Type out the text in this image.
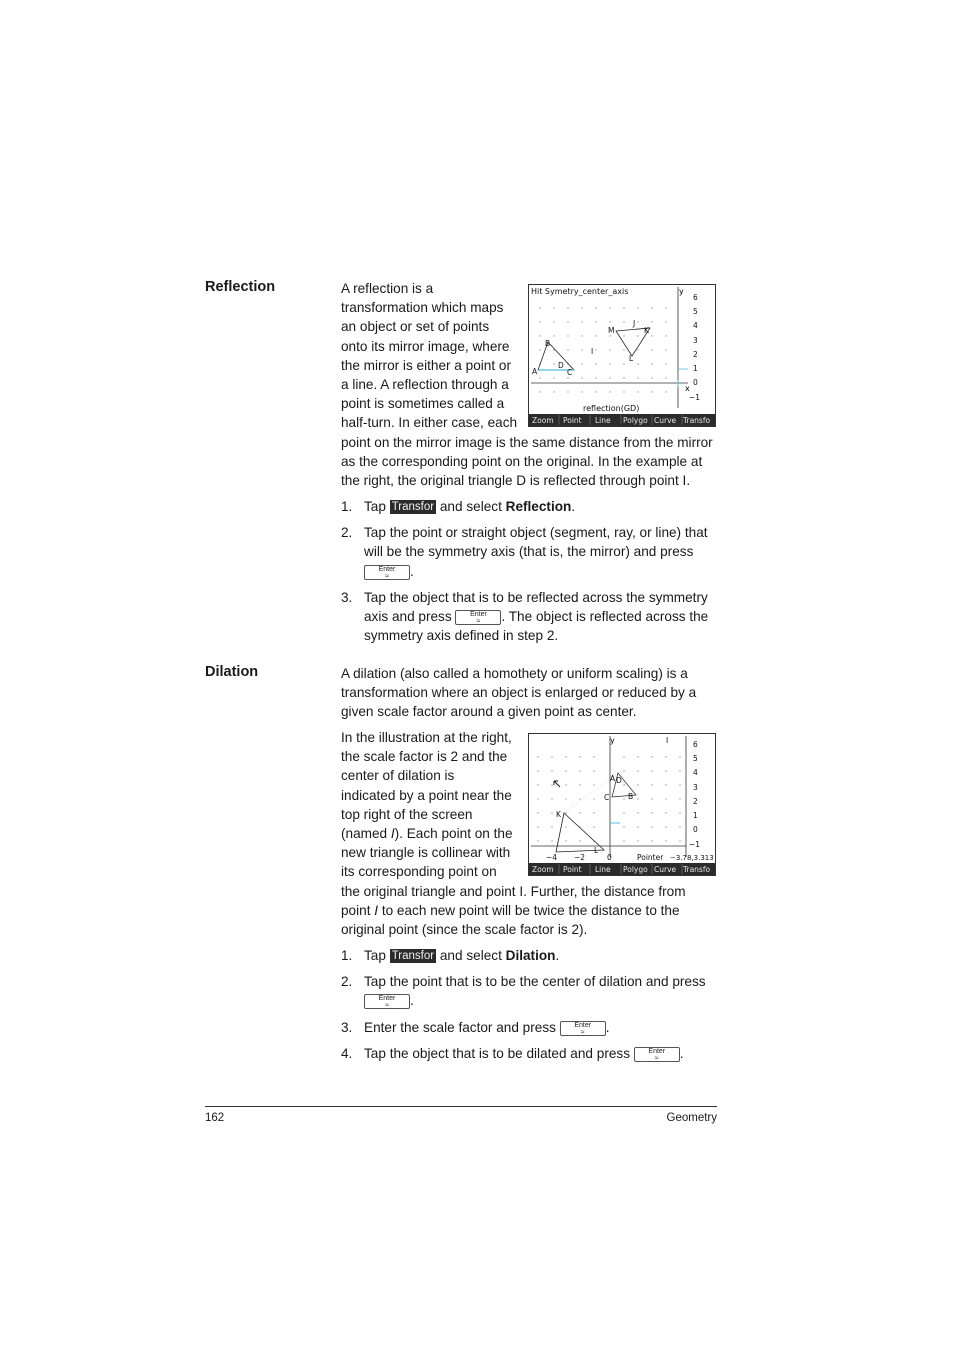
Reflection	A reflection is a
transformation which maps
an object or set of points
onto its mirror image, where
the mirror is either a point or
a line. A reflection through a
point is sometimes called a
half-turn. In either case, each
point on the mirror image is the same distance from the mirror as the corresponding point on the original. In the example at the right, the original triangle D is reflected through point I.
Hit Symetry_center_axis	y
x
6
5
4
3
2
1
0
−1
B
A
D
C
M
J
K
L
I
reflection(GD)
Zoom Point Line Polygo Curve Transfo
1. Tap Transfor and select Reflection.
2. Tap the point or straight object (segment, ray, or line) that will be the symmetry axis (that is, the mirror) and press
Enter
≈	.
3. Tap the object that is to be reflected across the symmetry axis and press	Enter
≈	. The object is reflected across the symmetry axis defined in step 2.
Dilation	A dilation (also called a homothety or uniform scaling) is a transformation where an object is enlarged or reduced by a given scale factor around a given point as center.
In the illustration at the right,
the scale factor is 2 and the
center of dilation is
indicated by a point near the
top right of the screen
(named I). Each point on the
new triangle is collinear with
its corresponding point on
the original triangle and point I. Further, the distance from point I to each new point will be twice the distance to the original point (since the scale factor is 2).
y	6
5
4
3
2
1
0
−1
−4 −2	0
I
A D
B
C
K
L
Pointer −3.78,3.313
Zoom Point Line Polygo Curve Transfo
1. Tap Transfor and select Dilation.
2. Tap the point that is to be the center of dilation and press
Enter
≈	.
3. Enter the scale factor and press	Enter
≈	.
4. Tap the object that is to be dilated and press	Enter
≈	.
162	Geometry
